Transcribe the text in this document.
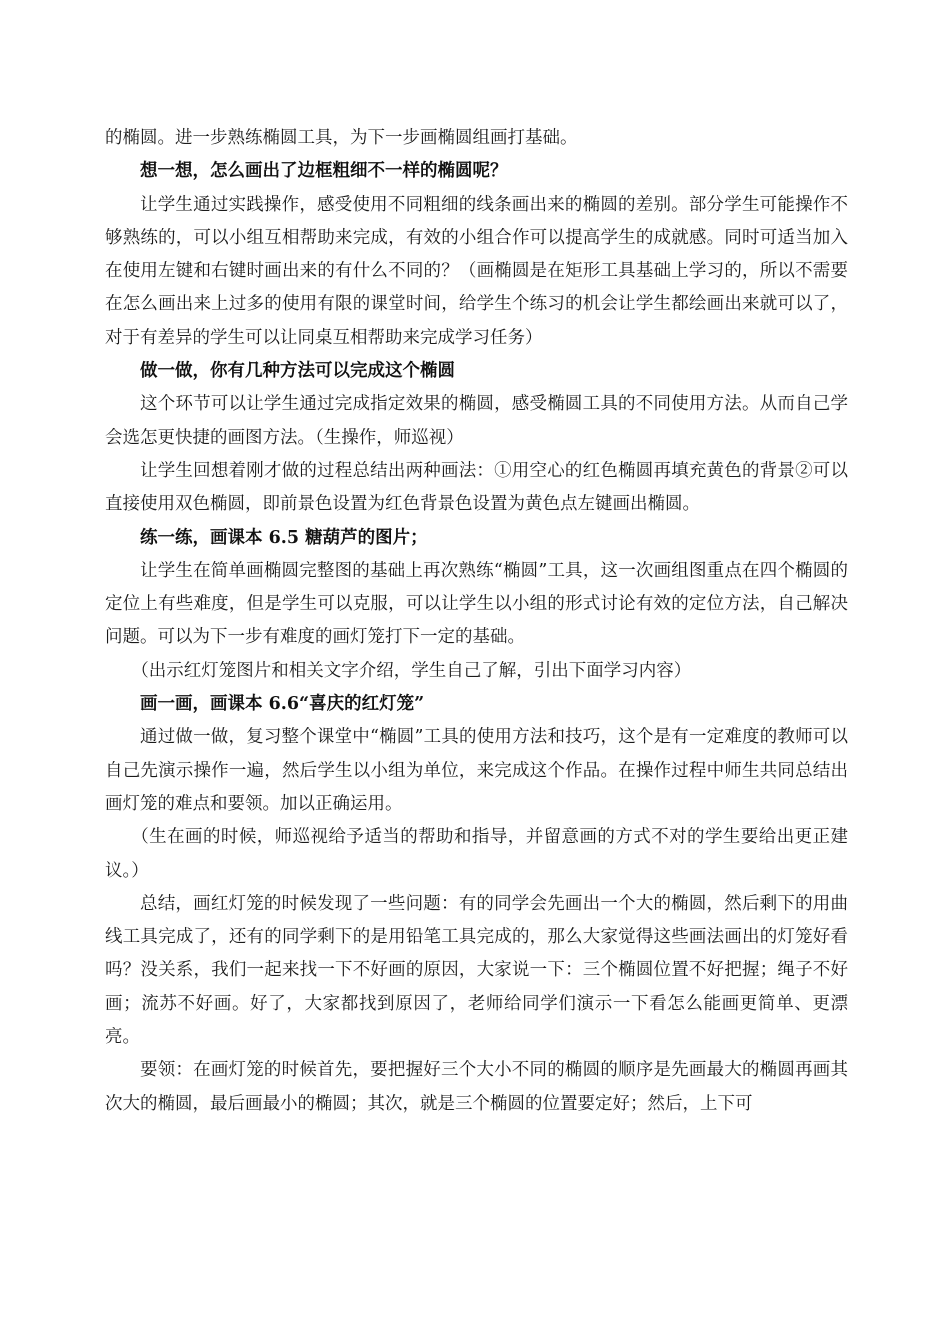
的椭圆。进一步熟练椭圆工具，为下一步画椭圆组画打基础。

想一想，怎么画出了边框粗细不一样的椭圆呢？

让学生通过实践操作，感受使用不同粗细的线条画出来的椭圆的差别。部分学生可能操作不够熟练的，可以小组互相帮助来完成，有效的小组合作可以提高学生的成就感。同时可适当加入在使用左键和右键时画出来的有什么不同的？（画椭圆是在矩形工具基础上学习的，所以不需要在怎么画出来上过多的使用有限的课堂时间，给学生个练习的机会让学生都绘画出来就可以了，对于有差异的学生可以让同桌互相帮助来完成学习任务）

做一做，你有几种方法可以完成这个椭圆

这个环节可以让学生通过完成指定效果的椭圆，感受椭圆工具的不同使用方法。从而自己学会选怎更快捷的画图方法。（生操作，师巡视）

让学生回想着刚才做的过程总结出两种画法：①用空心的红色椭圆再填充黄色的背景②可以直接使用双色椭圆，即前景色设置为红色背景色设置为黄色点左键画出椭圆。

练一练，画课本 6.5 糖葫芦的图片；

让学生在简单画椭圆完整图的基础上再次熟练“椭圆”工具，这一次画组图重点在四个椭圆的定位上有些难度，但是学生可以克服，可以让学生以小组的形式讨论有效的定位方法，自己解决问题。可以为下一步有难度的画灯笼打下一定的基础。

（出示红灯笼图片和相关文字介绍，学生自己了解，引出下面学习内容）

画一画，画课本 6.6“喜庆的红灯笼”

通过做一做，复习整个课堂中“椭圆”工具的使用方法和技巧，这个是有一定难度的教师可以自己先演示操作一遍，然后学生以小组为单位，来完成这个作品。在操作过程中师生共同总结出画灯笼的难点和要领。加以正确运用。

（生在画的时候，师巡视给予适当的帮助和指导，并留意画的方式不对的学生要给出更正建议。）

总结，画红灯笼的时候发现了一些问题：有的同学会先画出一个大的椭圆，然后剩下的用曲线工具完成了，还有的同学剩下的是用铅笔工具完成的，那么大家觉得这些画法画出的灯笼好看吗？没关系，我们一起来找一下不好画的原因，大家说一下：三个椭圆位置不好把握；绳子不好画；流苏不好画。好了，大家都找到原因了，老师给同学们演示一下看怎么能画更简单、更漂亮。

要领：在画灯笼的时候首先，要把握好三个大小不同的椭圆的顺序是先画最大的椭圆再画其次大的椭圆，最后画最小的椭圆；其次，就是三个椭圆的位置要定好；然后，上下可
